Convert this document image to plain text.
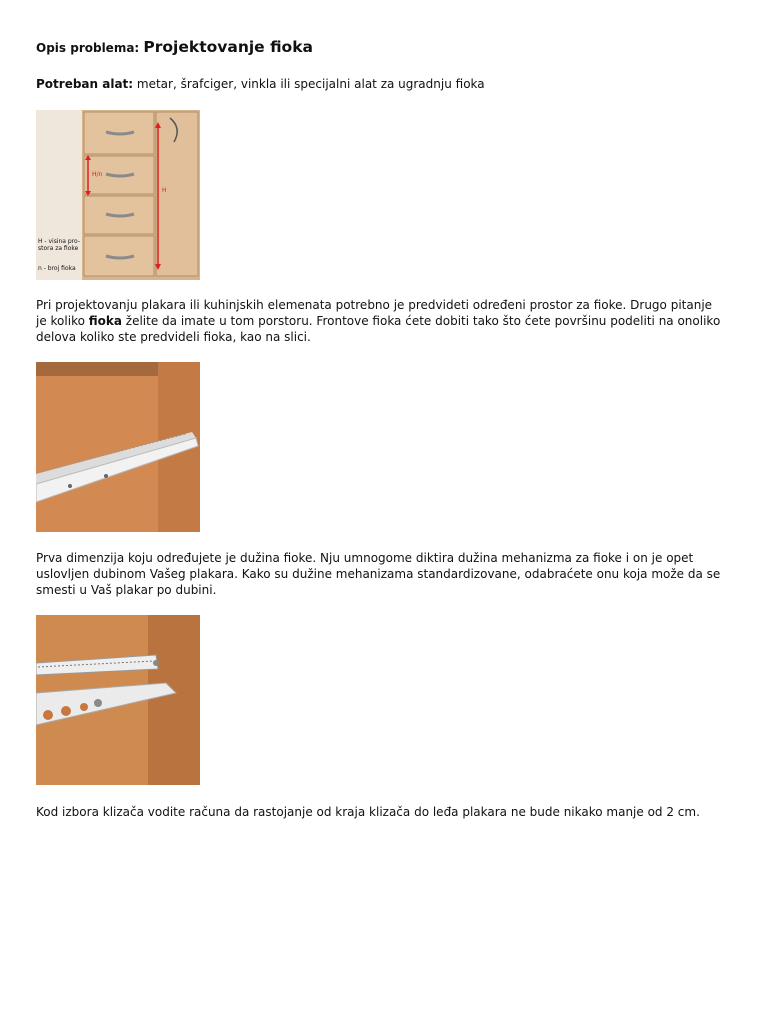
Opis problema: Projektovanje fioka
Potreban alat: metar, šrafciger, vinkla ili specijalni alat za ugradnju fioka
H/n
H
H - visina pro-stora za fioke
n - broj fioka
Pri projektovanju plakara ili kuhinjskih elemenata potrebno je predvideti određeni prostor za fioke. Drugo pitanje je koliko fioka želite da imate u tom porstoru. Frontove fioka ćete dobiti tako što ćete površinu podeliti na onoliko delova koliko ste predvideli fioka, kao na slici.
Prva dimenzija koju određujete je dužina fioke. Nju umnogome diktira dužina mehanizma za fioke i on je opet uslovljen dubinom Vašeg plakara. Kako su dužine mehanizama standardizovane, odabraćete onu koja može da se smesti u Vaš plakar po dubini.
Kod izbora klizača vodite računa da rastojanje od kraja klizača do leđa plakara ne bude nikako manje od 2 cm.
